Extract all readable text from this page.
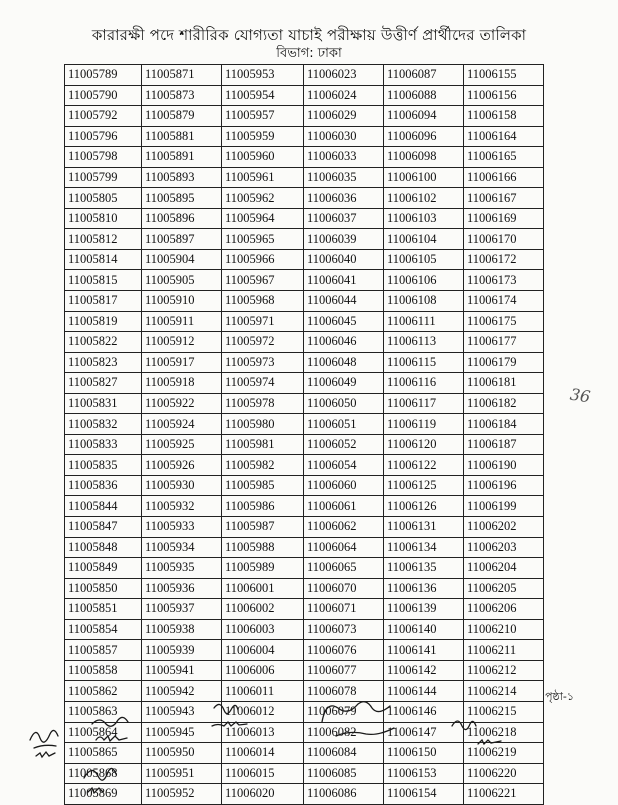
কারারক্ষী পদে শারীরিক যোগ্যতা যাচাই পরীক্ষায় উত্তীর্ণ প্রার্থীদের তালিকা
বিভাগ: ঢাকা
11005789	11005871	11005953	11006023	11006087	11006155
11005790	11005873	11005954	11006024	11006088	11006156
11005792	11005879	11005957	11006029	11006094	11006158
11005796	11005881	11005959	11006030	11006096	11006164
11005798	11005891	11005960	11006033	11006098	11006165
11005799	11005893	11005961	11006035	11006100	11006166
11005805	11005895	11005962	11006036	11006102	11006167
11005810	11005896	11005964	11006037	11006103	11006169
11005812	11005897	11005965	11006039	11006104	11006170
11005814	11005904	11005966	11006040	11006105	11006172
11005815	11005905	11005967	11006041	11006106	11006173
11005817	11005910	11005968	11006044	11006108	11006174
11005819	11005911	11005971	11006045	11006111	11006175
11005822	11005912	11005972	11006046	11006113	11006177
11005823	11005917	11005973	11006048	11006115	11006179
11005827	11005918	11005974	11006049	11006116	11006181
11005831	11005922	11005978	11006050	11006117	11006182
11005832	11005924	11005980	11006051	11006119	11006184
11005833	11005925	11005981	11006052	11006120	11006187
11005835	11005926	11005982	11006054	11006122	11006190
11005836	11005930	11005985	11006060	11006125	11006196
11005844	11005932	11005986	11006061	11006126	11006199
11005847	11005933	11005987	11006062	11006131	11006202
11005848	11005934	11005988	11006064	11006134	11006203
11005849	11005935	11005989	11006065	11006135	11006204
11005850	11005936	11006001	11006070	11006136	11006205
11005851	11005937	11006002	11006071	11006139	11006206
11005854	11005938	11006003	11006073	11006140	11006210
11005857	11005939	11006004	11006076	11006141	11006211
11005858	11005941	11006006	11006077	11006142	11006212
11005862	11005942	11006011	11006078	11006144	11006214
11005863	11005943	11006012	11006079	11006146	11006215
11005864	11005945	11006013	11006082	11006147	11006218
11005865	11005950	11006014	11006084	11006150	11006219
11005868	11005951	11006015	11006085	11006153	11006220
11005869	11005952	11006020	11006086	11006154	11006221
36
পৃষ্ঠা-১
